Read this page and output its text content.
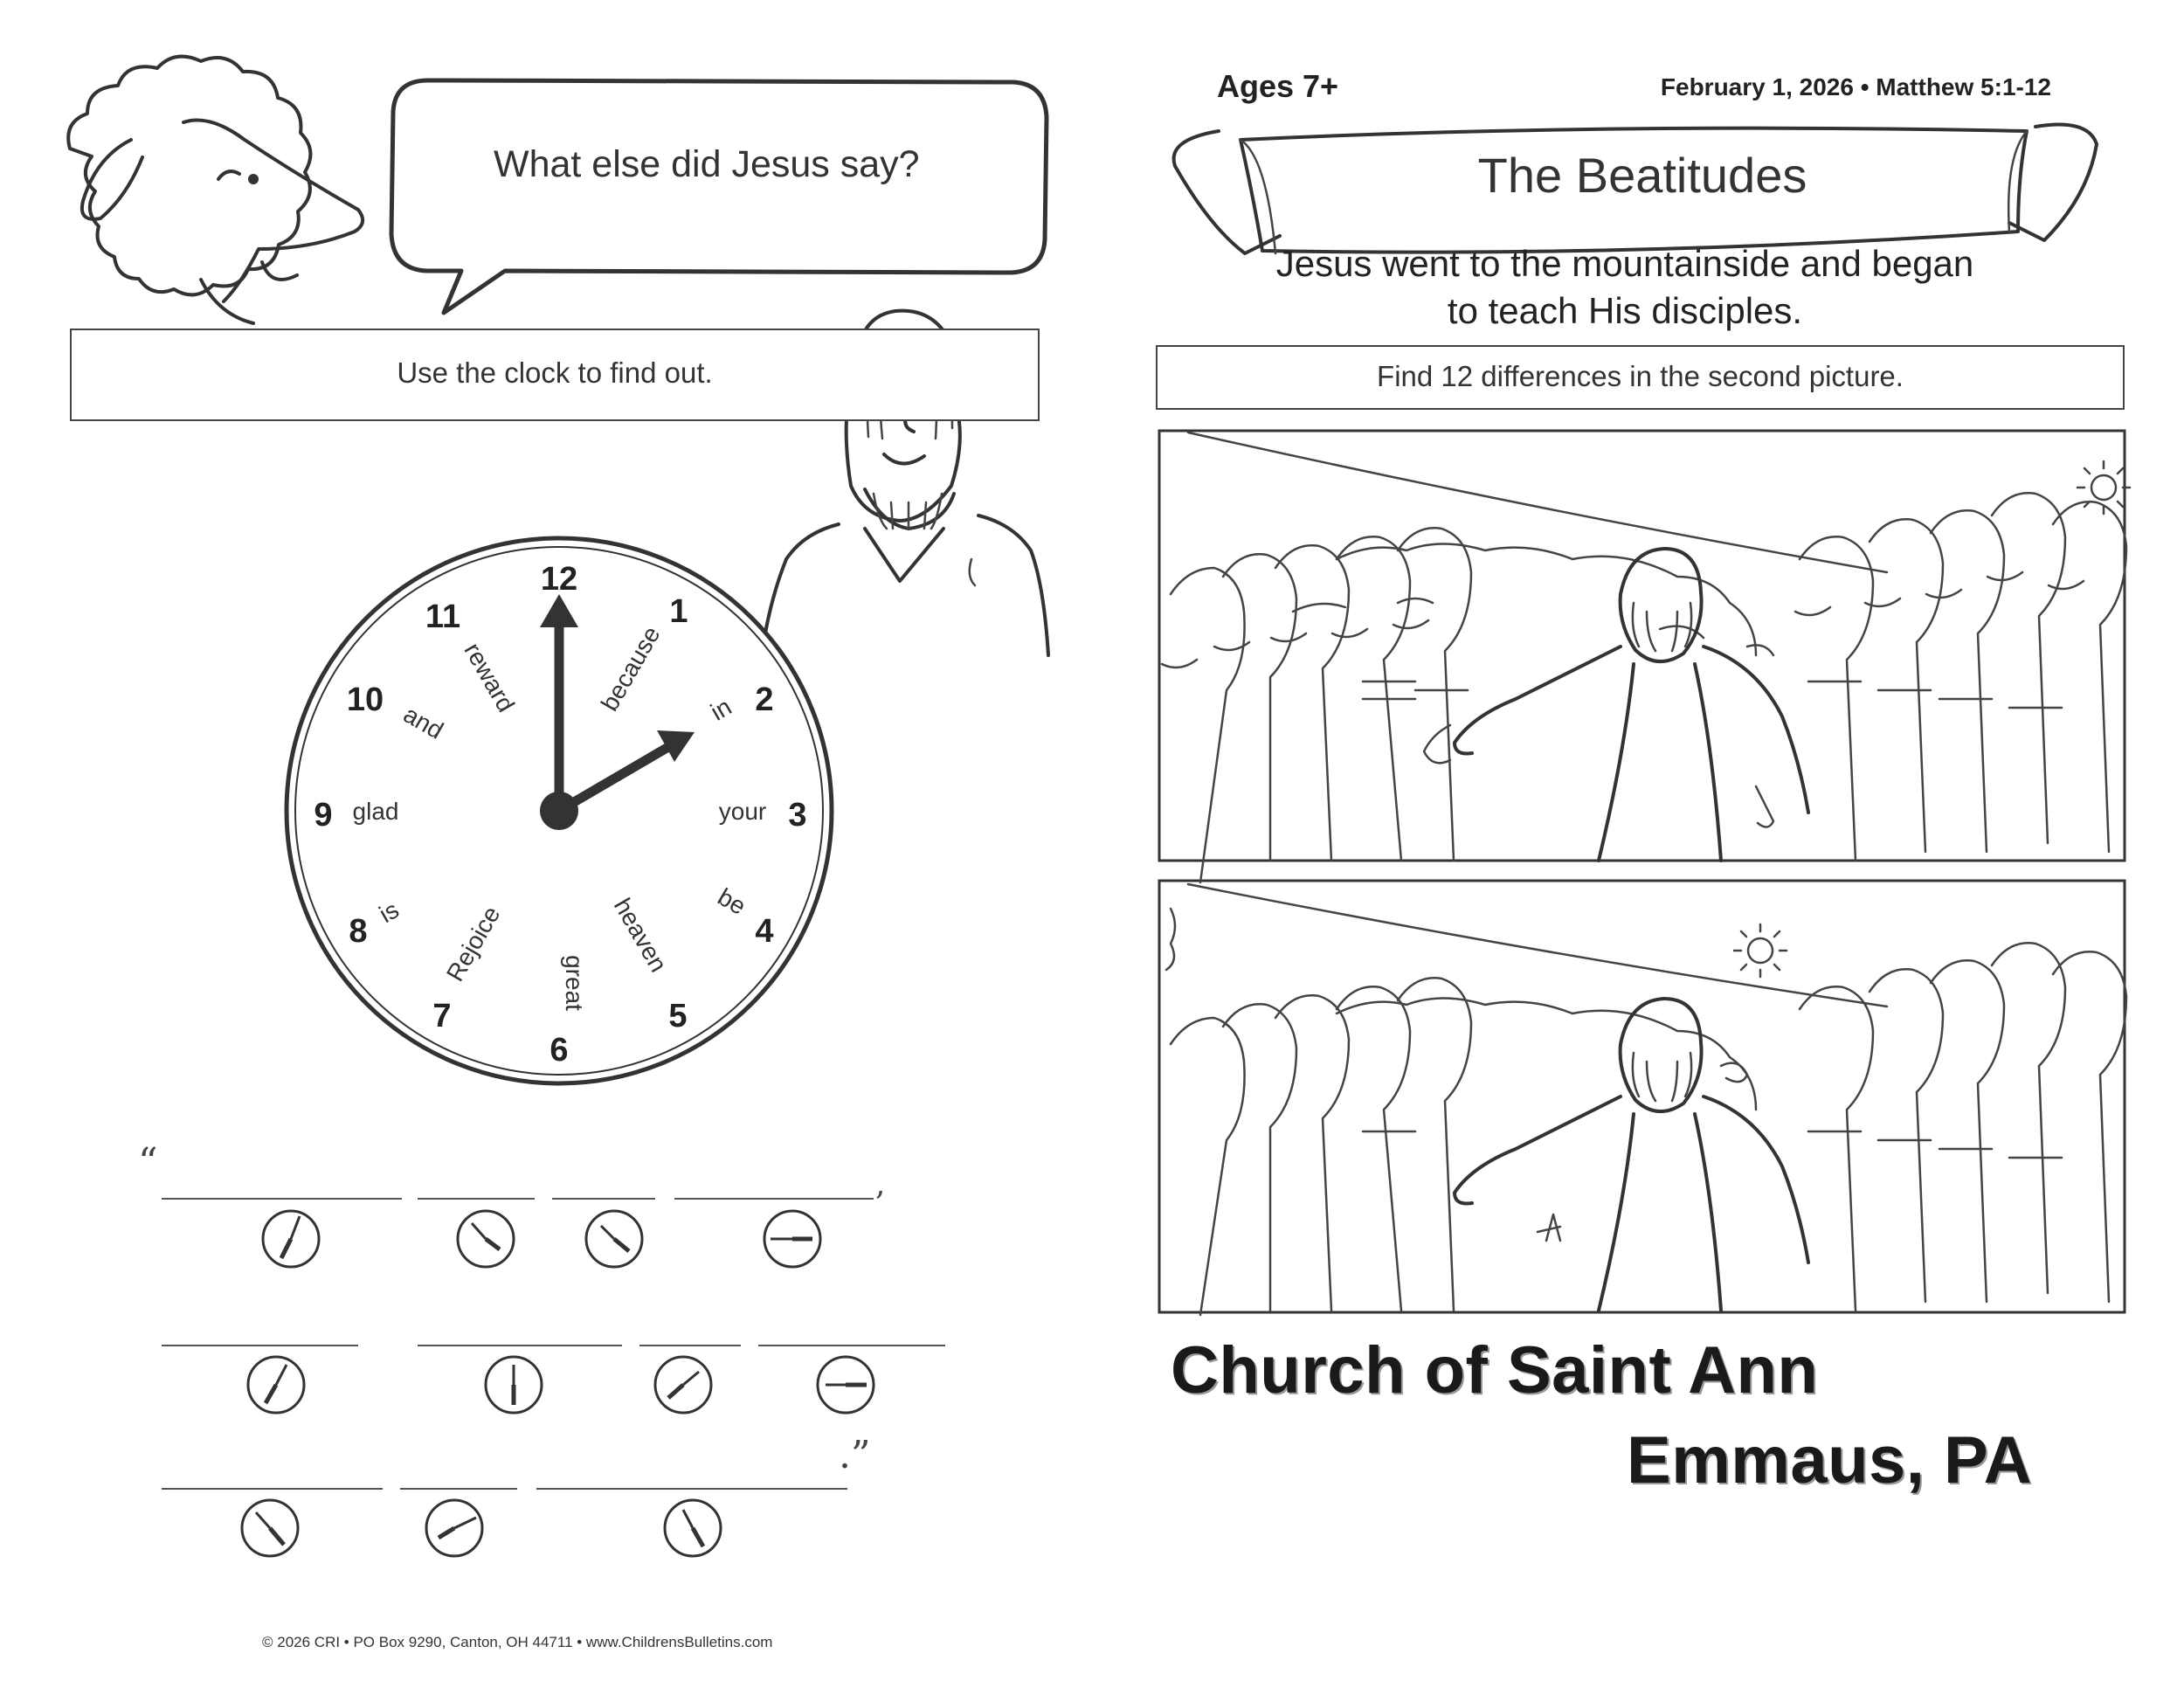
12
1
2
3
4
5
6
7
8
9
10
11
because in
your
be
heaven
great
Rejoice
is
glad
and
reward
What else did Jesus say?
Use the clock to find out.
“	,
.”
© 2026 CRI • PO Box 9290, Canton, OH 44711 • www.ChildrensBulletins.com
Ages 7+	February 1, 2026 • Matthew 5:1-12
The Beatitudes
Jesus went to the mountainside and began to teach His disciples.
Find 12 differences in the second picture.
Church of Saint Ann
Emmaus, PA
